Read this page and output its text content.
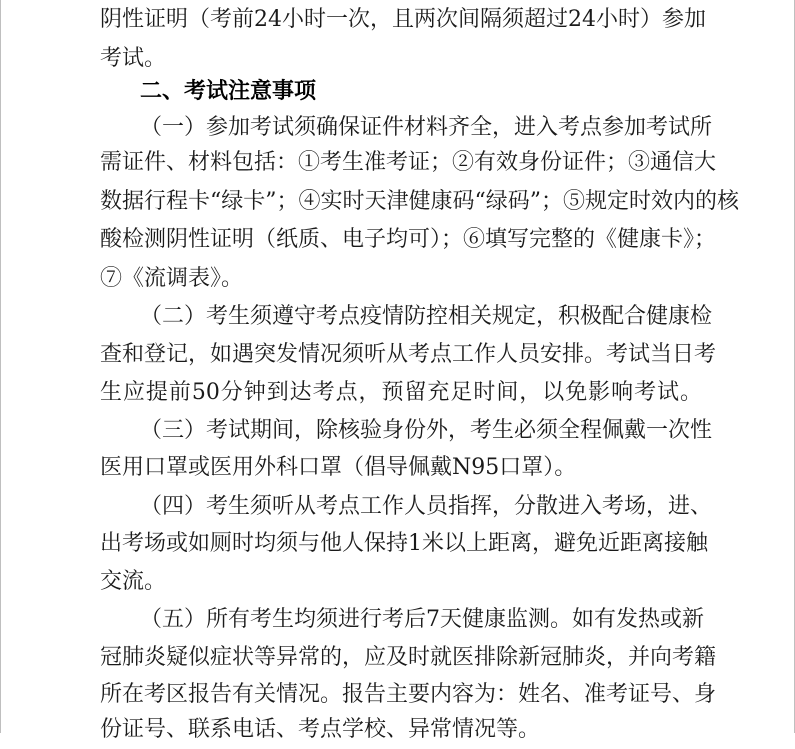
阴性证明（考前24小时一次，且两次间隔须超过24小时）参加
考试。
二、考试注意事项
（一）参加考试须确保证件材料齐全，进入考点参加考试所
需证件、材料包括：①考生准考证；②有效身份证件；③通信大
数据行程卡“绿卡”；④实时天津健康码“绿码”；⑤规定时效内的核
酸检测阴性证明（纸质、电子均可）；⑥填写完整的《健康卡》；
⑦《流调表》。
（二）考生须遵守考点疫情防控相关规定，积极配合健康检
查和登记，如遇突发情况须听从考点工作人员安排。考试当日考
生应提前50分钟到达考点，预留充足时间，以免影响考试。
（三）考试期间，除核验身份外，考生必须全程佩戴一次性
医用口罩或医用外科口罩（倡导佩戴N95口罩）。
（四）考生须听从考点工作人员指挥，分散进入考场，进、
出考场或如厕时均须与他人保持1米以上距离，避免近距离接触
交流。
（五）所有考生均须进行考后7天健康监测。如有发热或新
冠肺炎疑似症状等异常的，应及时就医排除新冠肺炎，并向考籍
所在考区报告有关情况。报告主要内容为：姓名、准考证号、身
份证号、联系电话、考点学校、异常情况等。
